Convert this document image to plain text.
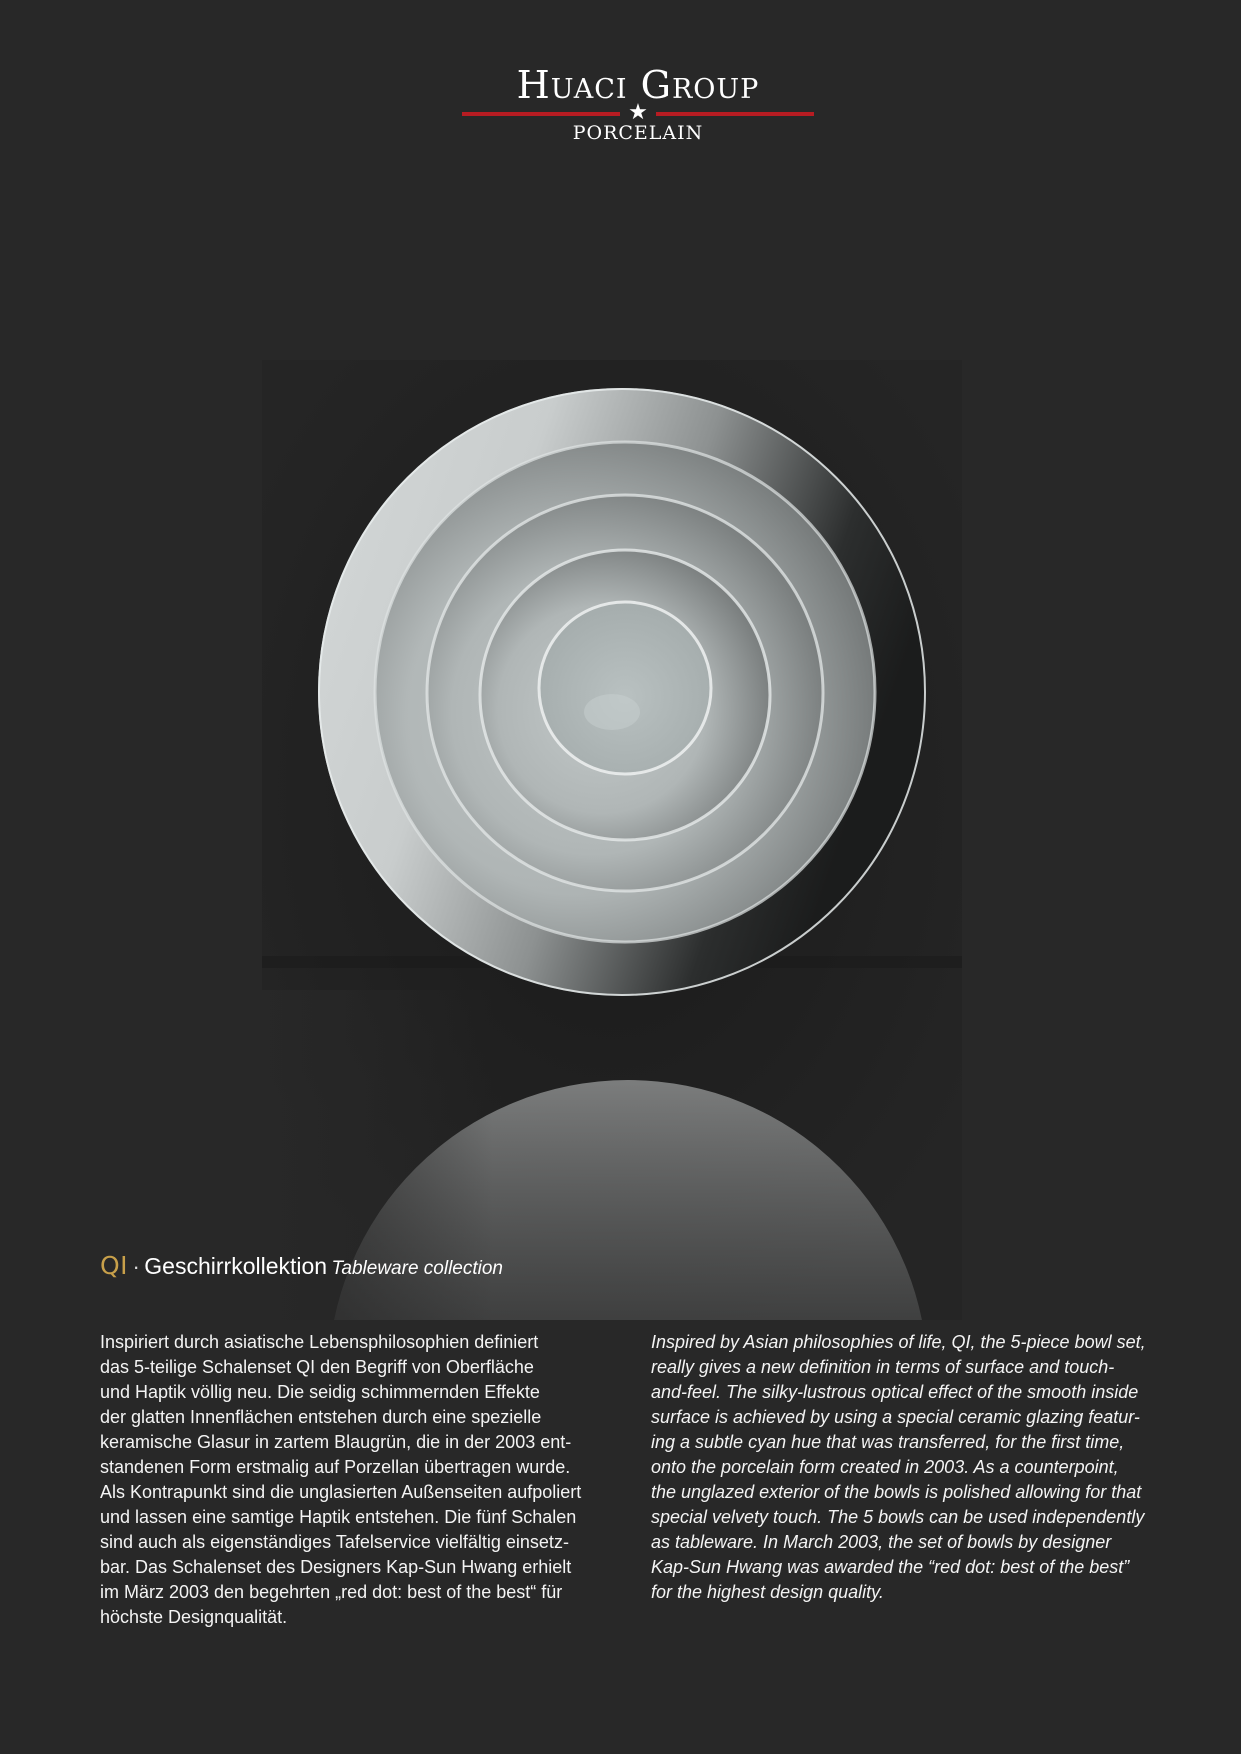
Huaci Group
★
PORCELAIN
QI · Geschirrkollektion Tableware collection
Inspiriert durch asiatische Lebensphilosophien definiert
das 5-teilige Schalenset QI den Begriff von Oberfläche
und Haptik völlig neu. Die seidig schimmernden Effekte
der glatten Innenflächen entstehen durch eine spezielle
keramische Glasur in zartem Blaugrün, die in der 2003 ent-
standenen Form erstmalig auf Porzellan übertragen wurde.
Als Kontrapunkt sind die unglasierten Außenseiten aufpoliert
und lassen eine samtige Haptik entstehen. Die fünf Schalen
sind auch als eigenständiges Tafelservice vielfältig einsetz-
bar. Das Schalenset des Designers Kap-Sun Hwang erhielt
im März 2003 den begehrten „red dot: best of the best“ für
höchste Designqualität.
Inspired by Asian philosophies of life, QI, the 5-piece bowl set,
really gives a new definition in terms of surface and touch-
and-feel. The silky-lustrous optical effect of the smooth inside
surface is achieved by using a special ceramic glazing featur-
ing a subtle cyan hue that was transferred, for the first time,
onto the porcelain form created in 2003. As a counterpoint,
the unglazed exterior of the bowls is polished allowing for that
special velvety touch. The 5 bowls can be used independently
as tableware. In March 2003, the set of bowls by designer
Kap-Sun Hwang was awarded the “red dot: best of the best”
for the highest design quality.
